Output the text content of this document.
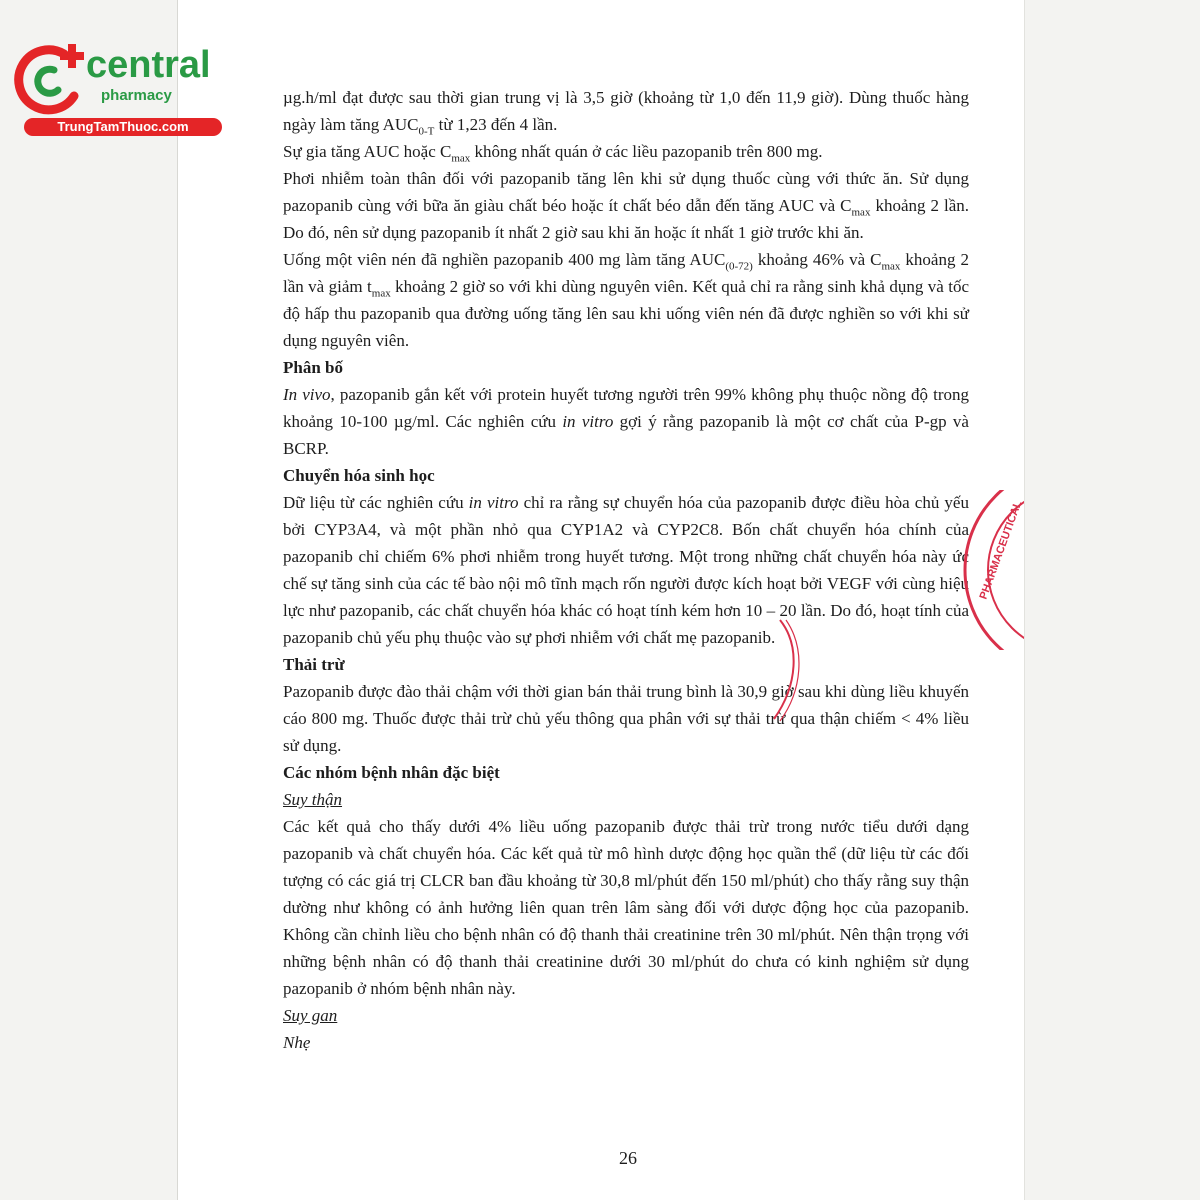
central
pharmacy
TrungTamThuoc.com

µg.h/ml đạt được sau thời gian trung vị là 3,5 giờ (khoảng từ 1,0 đến 11,9 giờ). Dùng thuốc hàng ngày làm tăng $AUC_{0-T}$ từ 1,23 đến 4 lần.

Sự gia tăng AUC hoặc $C_{max}$ không nhất quán ở các liều pazopanib trên 800 mg.

Phơi nhiễm toàn thân đối với pazopanib tăng lên khi sử dụng thuốc cùng với thức ăn. Sử dụng pazopanib cùng với bữa ăn giàu chất béo hoặc ít chất béo dẫn đến tăng AUC và $C_{max}$ khoảng 2 lần. Do đó, nên sử dụng pazopanib ít nhất 2 giờ sau khi ăn hoặc ít nhất 1 giờ trước khi ăn.

Uống một viên nén đã nghiền pazopanib 400 mg làm tăng $AUC_{(0-72)}$ khoảng 46% và $C_{max}$ khoảng 2 lần và giảm $t_{max}$ khoảng 2 giờ so với khi dùng nguyên viên. Kết quả chỉ ra rằng sinh khả dụng và tốc độ hấp thu pazopanib qua đường uống tăng lên sau khi uống viên nén đã được nghiền so với khi sử dụng nguyên viên.

Phân bố

In vivo, pazopanib gắn kết với protein huyết tương người trên 99% không phụ thuộc nồng độ trong khoảng 10-100 µg/ml. Các nghiên cứu in vitro gợi ý rằng pazopanib là một cơ chất của P-gp và BCRP.

Chuyển hóa sinh học

Dữ liệu từ các nghiên cứu in vitro chỉ ra rằng sự chuyển hóa của pazopanib được điều hòa chủ yếu bởi CYP3A4, và một phần nhỏ qua CYP1A2 và CYP2C8. Bốn chất chuyển hóa chính của pazopanib chỉ chiếm 6% phơi nhiễm trong huyết tương. Một trong những chất chuyển hóa này ức chế sự tăng sinh của các tế bào nội mô tĩnh mạch rốn người được kích hoạt bởi VEGF với cùng hiệu lực như pazopanib, các chất chuyển hóa khác có hoạt tính kém hơn 10 – 20 lần. Do đó, hoạt tính của pazopanib chủ yếu phụ thuộc vào sự phơi nhiễm với chất mẹ pazopanib.

Thải trừ

Pazopanib được đào thải chậm với thời gian bán thải trung bình là 30,9 giờ sau khi dùng liều khuyến cáo 800 mg. Thuốc được thải trừ chủ yếu thông qua phân với sự thải trừ qua thận chiếm < 4% liều sử dụng.

Các nhóm bệnh nhân đặc biệt
Suy thận

Các kết quả cho thấy dưới 4% liều uống pazopanib được thải trừ trong nước tiểu dưới dạng pazopanib và chất chuyển hóa. Các kết quả từ mô hình dược động học quần thể (dữ liệu từ các đối tượng có các giá trị CLCR ban đầu khoảng từ 30,8 ml/phút đến 150 ml/phút) cho thấy rằng suy thận dường như không có ảnh hưởng liên quan trên lâm sàng đối với dược động học của pazopanib. Không cần chỉnh liều cho bệnh nhân có độ thanh thải creatinine trên 30 ml/phút. Nên thận trọng với những bệnh nhân có độ thanh thải creatinine dưới 30 ml/phút do chưa có kinh nghiệm sử dụng pazopanib ở nhóm bệnh nhân này.

Suy gan
Nhẹ
PHARMACEUTICAL
26
